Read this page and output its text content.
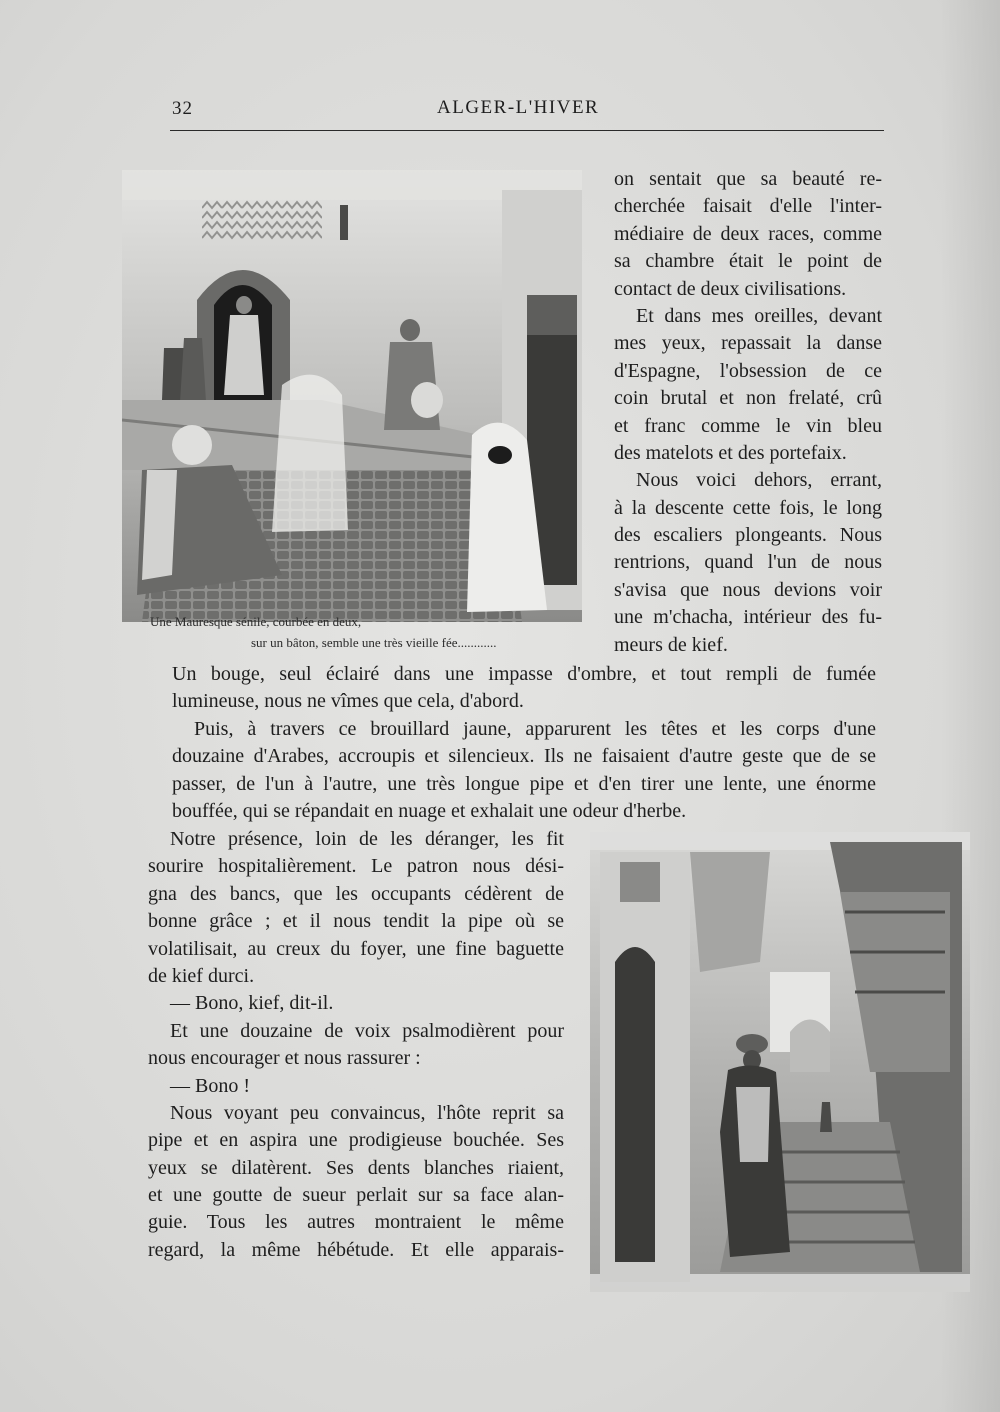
32	ALGER-L'HIVER
Une Mauresque sénile, courbée en deux,
sur un bâton, semble une très vieille fée............
on sentait que sa beauté re-
cherchée faisait d'elle l'inter-
médiaire de deux races, comme
sa chambre était le point de
contact de deux civilisations.
Et dans mes oreilles, devant
mes yeux, repassait la danse
d'Espagne, l'obsession de ce
coin brutal et non frelaté, crû
et franc comme le vin bleu
des matelots et des portefaix.
Nous voici dehors, errant,
à la descente cette fois, le long
des escaliers plongeants. Nous
rentrions, quand l'un de nous
s'avisa que nous devions voir
une m'chacha, intérieur des fu-
meurs de kief.
Un bouge, seul éclairé dans une impasse d'ombre, et tout rempli de fumée
lumineuse, nous ne vîmes que cela, d'abord.
Puis, à travers ce brouillard jaune, apparurent les têtes et les corps d'une
douzaine d'Arabes, accroupis et silencieux. Ils ne faisaient d'autre geste que de se
passer, de l'un à l'autre, une très longue pipe et d'en tirer une lente, une énorme
bouffée, qui se répandait en nuage et exhalait une odeur d'herbe.
Notre présence, loin de les déranger, les fit
sourire hospitalièrement. Le patron nous dési-
gna des bancs, que les occupants cédèrent de
bonne grâce ; et il nous tendit la pipe où se
volatilisait, au creux du foyer, une fine baguette
de kief durci.
— Bono, kief, dit-il.
Et une douzaine de voix psalmodièrent pour
nous encourager et nous rassurer :
— Bono !
Nous voyant peu convaincus, l'hôte reprit sa
pipe et en aspira une prodigieuse bouchée. Ses
yeux se dilatèrent. Ses dents blanches riaient,
et une goutte de sueur perlait sur sa face alan-
guie. Tous les autres montraient le même
regard, la même hébétude. Et elle apparais-
